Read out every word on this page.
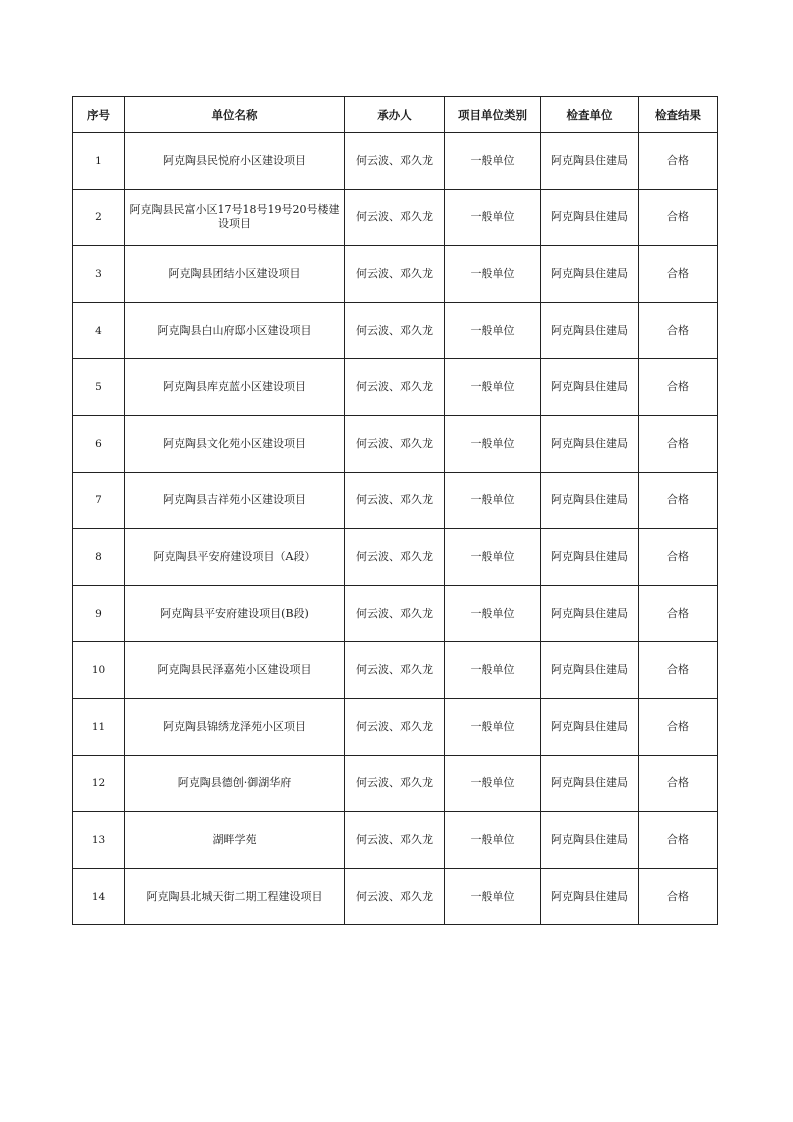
序号	单位名称	承办人	项目单位类别	检查单位	检查结果
1	阿克陶县民悦府小区建设项目	何云波、邓久龙	一般单位	阿克陶县住建局	合格
2	阿克陶县民富小区17号18号19号20号楼建设项目	何云波、邓久龙	一般单位	阿克陶县住建局	合格
3	阿克陶县团结小区建设项目	何云波、邓久龙	一般单位	阿克陶县住建局	合格
4	阿克陶县白山府邸小区建设项目	何云波、邓久龙	一般单位	阿克陶县住建局	合格
5	阿克陶县库克蓝小区建设项目	何云波、邓久龙	一般单位	阿克陶县住建局	合格
6	阿克陶县文化苑小区建设项目	何云波、邓久龙	一般单位	阿克陶县住建局	合格
7	阿克陶县吉祥苑小区建设项目	何云波、邓久龙	一般单位	阿克陶县住建局	合格
8	阿克陶县平安府建设项目（A段）	何云波、邓久龙	一般单位	阿克陶县住建局	合格
9	阿克陶县平安府建设项目(B段)	何云波、邓久龙	一般单位	阿克陶县住建局	合格
10	阿克陶县民泽嘉苑小区建设项目	何云波、邓久龙	一般单位	阿克陶县住建局	合格
11	阿克陶县锦绣龙泽苑小区项目	何云波、邓久龙	一般单位	阿克陶县住建局	合格
12	阿克陶县德创·御湖华府	何云波、邓久龙	一般单位	阿克陶县住建局	合格
13	湖畔学苑	何云波、邓久龙	一般单位	阿克陶县住建局	合格
14	阿克陶县北城天街二期工程建设项目	何云波、邓久龙	一般单位	阿克陶县住建局	合格
